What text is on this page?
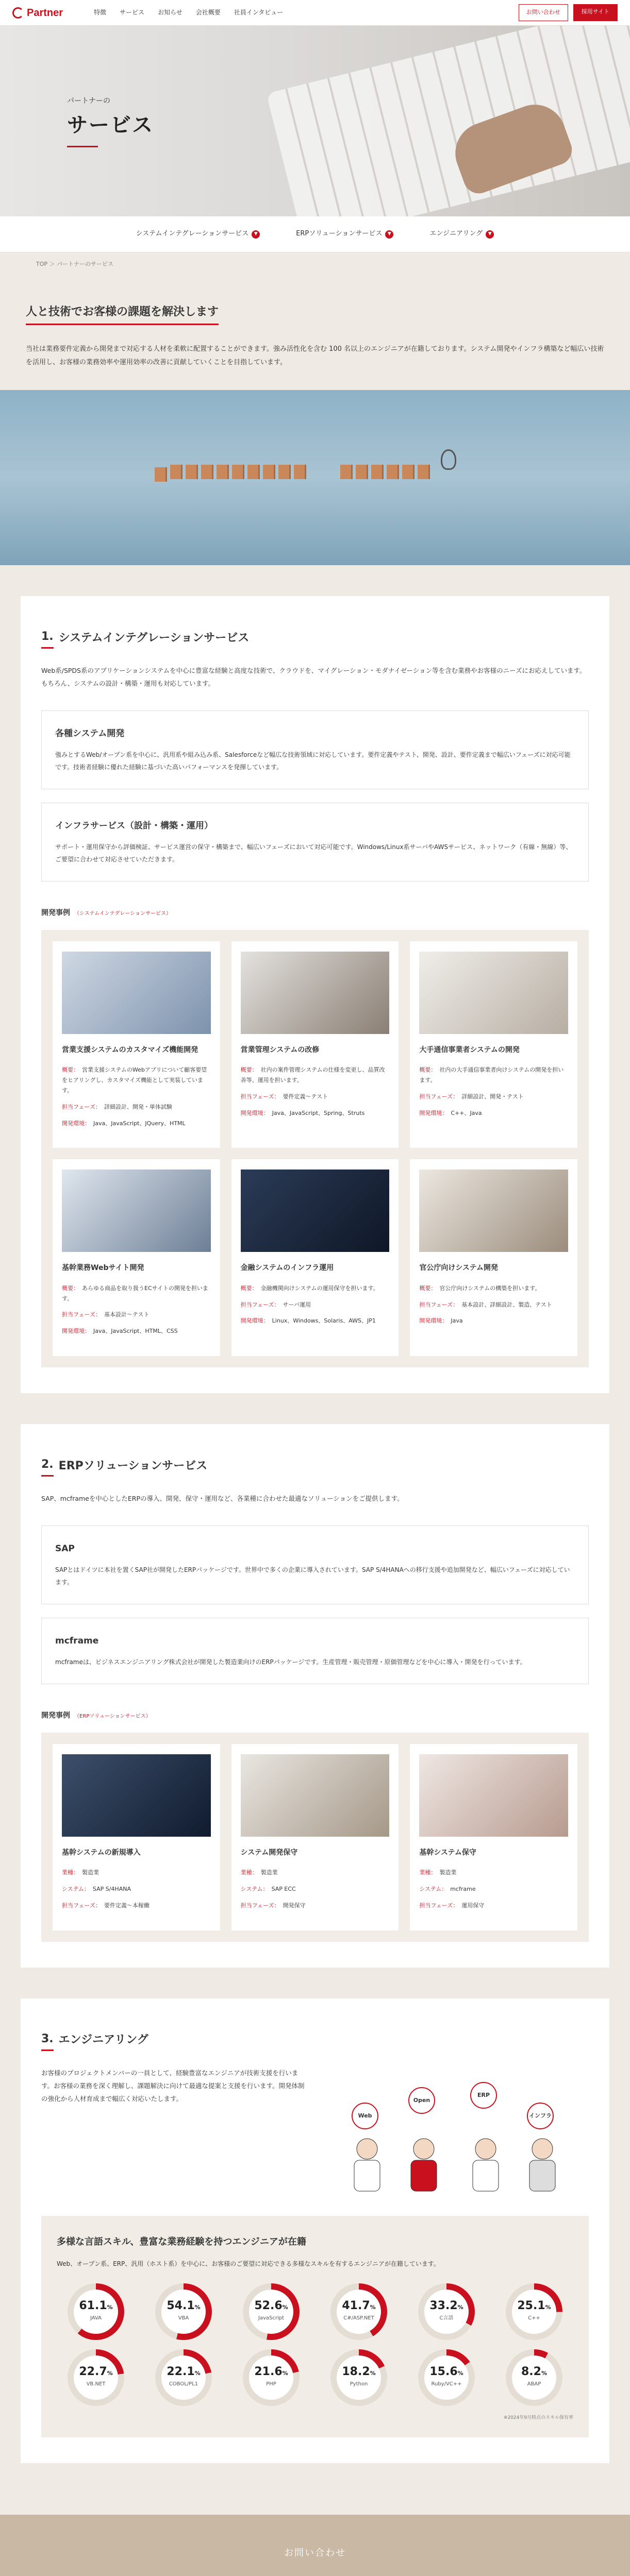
Partner	特徴 サービス お知らせ 会社概要 社員インタビュー	お問い合わせ	採用サイト
パートナーの
サービス
システムインテグレーションサービス	▼	ERPソリューションサービス	▼	エンジニアリング	▼
TOP ＞ パートナーのサービス
人と技術でお客様の課題を解決します

当社は業務要件定義から開発まで対応する人材を柔軟に配置することができます。強み活性化を含む 100 名以上のエンジニアが在籍しております。システム開発やインフラ構築など幅広い技術を活用し、お客様の業務効率や運用効率の改善に貢献していくことを目指しています。

1. システムインテグレーションサービス

Web系/SPDS系のアプリケーションシステムを中心に豊富な経験と高度な技術で、クラウドを、マイグレーション・モダナイゼーション等を含む業務やお客様のニーズにお応えしています。もちろん、システムの設計・構築・運用も対応しています。

各種システム開発

強みとするWeb/オープン系を中心に、汎用系や組み込み系、Salesforceなど幅広な技術領域に対応しています。要件定義やテスト、開発、設計、要件定義まで幅広いフェーズに対応可能です。技術者経験に優れた経験に基づいた高いパフォーマンスを発揮しています。

インフラサービス（設計・構築・運用）

サポート・運用保守から評価検証、サービス運営の保守・構築まで、幅広いフェーズにおいて対応可能です。Windows/Linux系サーバやAWSサービス、ネットワーク（有線・無線）等、ご要望に合わせて対応させていただきます。

開発事例 （システムインテグレーションサービス）
営業支援システムのカスタマイズ機能開発
概要： 営業支援システムのWebアプリについて顧客要望をヒアリングし、カスタマイズ機能として実装しています。
担当フェーズ： 詳細設計、開発・単体試験
開発環境： Java、JavaScript、JQuery、HTML
営業管理システムの改修
概要： 社内の案件管理システムの仕様を変更し、品質改善等、運用を担います。
担当フェーズ： 要件定義〜テスト
開発環境： Java、JavaScript、Spring、Struts
大手通信事業者システムの開発
概要： 社内の大手通信事業者向けシステムの開発を担います。
担当フェーズ： 詳細設計、開発・テスト
開発環境： C++、Java
基幹業務Webサイト開発
概要： あらゆる商品を取り扱うECサイトの開発を担います。
担当フェーズ： 基本設計〜テスト
開発環境： Java、JavaScript、HTML、CSS
金融システムのインフラ運用
概要： 金融機関向けシステムの運用保守を担います。
担当フェーズ： サーバ運用
開発環境： Linux、Windows、Solaris、AWS、JP1
官公庁向けシステム開発
概要： 官公庁向けシステムの構築を担います。
担当フェーズ： 基本設計、詳細設計、製造、テスト
開発環境： Java
2. ERPソリューションサービス

SAP、mcframeを中心としたERPの導入、開発、保守・運用など、各業種に合わせた最適なソリューションをご提供します。

SAP

SAPとはドイツに本社を置くSAP社が開発したERPパッケージです。世界中で多くの企業に導入されています。SAP S/4HANAへの移行支援や追加開発など、幅広いフェーズに対応しています。

mcframe

mcframeは、ビジネスエンジニアリング株式会社が開発した製造業向けのERPパッケージです。生産管理・販売管理・原価管理などを中心に導入・開発を行っています。

開発事例 （ERPソリューションサービス）
基幹システムの新規導入
業種： 製造業
システム： SAP S/4HANA
担当フェーズ： 要件定義〜本稼働
システム開発保守
業種： 製造業
システム： SAP ECC
担当フェーズ： 開発保守
基幹システム保守
業種： 製造業
システム： mcframe
担当フェーズ： 運用保守
3. エンジニアリング

お客様のプロジェクトメンバーの一員として、経験豊富なエンジニアが技術支援を行います。お客様の業務を深く理解し、課題解決に向けて最適な提案と支援を行います。開発体制の強化から人材育成まで幅広く対応いたします。

Web
Open
ERP
インフラ
多様な言語スキル、豊富な業務経験を持つエンジニアが在籍
Web、オープン系、ERP、汎用（ホスト系）を中心に、お客様のご要望に対応できる多様なスキルを有するエンジニアが在籍しています。
61.1%
JAVA
54.1%
VBA
52.6%
JavaScript
41.7%
C#/ASP.NET
33.2%
C言語
25.1%
C++
22.7%
VB.NET
22.1%
COBOL/PL1
21.6%
PHP
18.2%
Python
15.6%
Ruby/VC++
8.2%
ABAP
※2024年9月時点のスキル保有率
お問い合わせ
